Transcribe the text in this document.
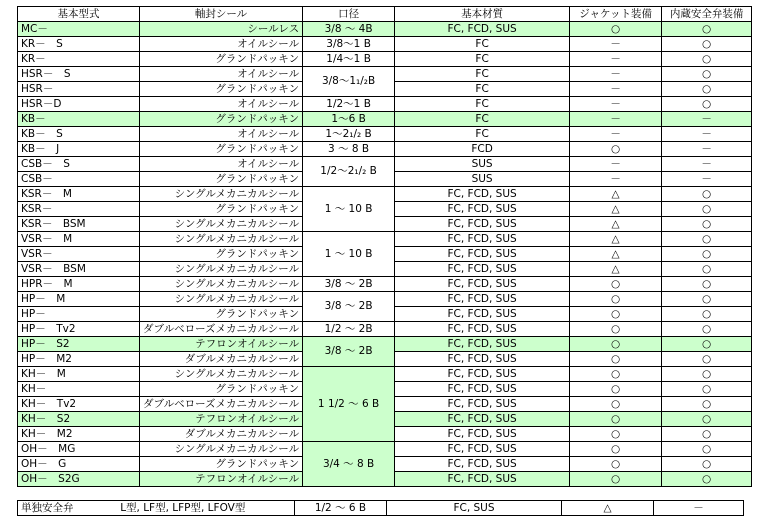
基本型式	軸封シール	口径	基本材質	ジャケット装備	内蔵安全弁装備
MC－	シールレス	3/8 ～ 4B	FC, FCD, SUS	○	○
KR－　S	オイルシール	3/8～1 B	FC	－	○
KR－	グランドパッキン	1/4～1 B	FC	－	○
HSR－　S	オイルシール	3/8～1₁/₂B	FC	－	○
HSR－	グランドパッキン		FC	－	○
HSR－D	オイルシール	1/2～1 B	FC	－	○
KB－	グランドパッキン	1～6 B	FC	－	－
KB－　S	オイルシール	1～2₁/₂ B	FC	－	－
KB－　J	グランドパッキン	3 ～ 8 B	FCD	○	－
CSB－　S	オイルシール	1/2～2₁/₂ B	SUS	－	－
CSB－	グランドパッキン		SUS	－	－
KSR－　M	シングルメカニカルシール	1 ～ 10 B	FC, FCD, SUS	△	○
KSR－	グランドパッキン		FC, FCD, SUS	△	○
KSR－　BSM	シングルメカニカルシール		FC, FCD, SUS	△	○
VSR－　M	シングルメカニカルシール	1 ～ 10 B	FC, FCD, SUS	△	○
VSR－	グランドパッキン		FC, FCD, SUS	△	○
VSR－　BSM	シングルメカニカルシール		FC, FCD, SUS	△	○
HPR－　M	シングルメカニカルシール	3/8 ～ 2B	FC, FCD, SUS	○	○
HP－　M	シングルメカニカルシール	3/8 ～ 2B	FC, FCD, SUS	○	○
HP－	グランドパッキン		FC, FCD, SUS	○	○
HP－　Tv2	ダブルベローズメカニカルシール	1/2 ～ 2B	FC, FCD, SUS	○	○
HP－　S2	テフロンオイルシール	3/8 ～ 2B	FC, FCD, SUS	○	○
HP－　M2	ダブルメカニカルシール		FC, FCD, SUS	○	○
KH－　M	シングルメカニカルシール	1 1/2 ～ 6 B	FC, FCD, SUS	○	○
KH－	グランドパッキン		FC, FCD, SUS	○	○
KH－　Tv2	ダブルベローズメカニカルシール		FC, FCD, SUS	○	○
KH－　S2	テフロンオイルシール		FC, FCD, SUS	○	○
KH－　M2	ダブルメカニカルシール		FC, FCD, SUS	○	○
OH－　MG	シングルメカニカルシール	3/4 ～ 8 B	FC, FCD, SUS	○	○
OH－　G	グランドパッキン		FC, FCD, SUS	○	○
OH－　S2G	テフロンオイルシール		FC, FCD, SUS	○	○
単独安全弁	L型, LF型, LFP型, LFOV型	1/2 ～ 6 B	FC, SUS	△	－
